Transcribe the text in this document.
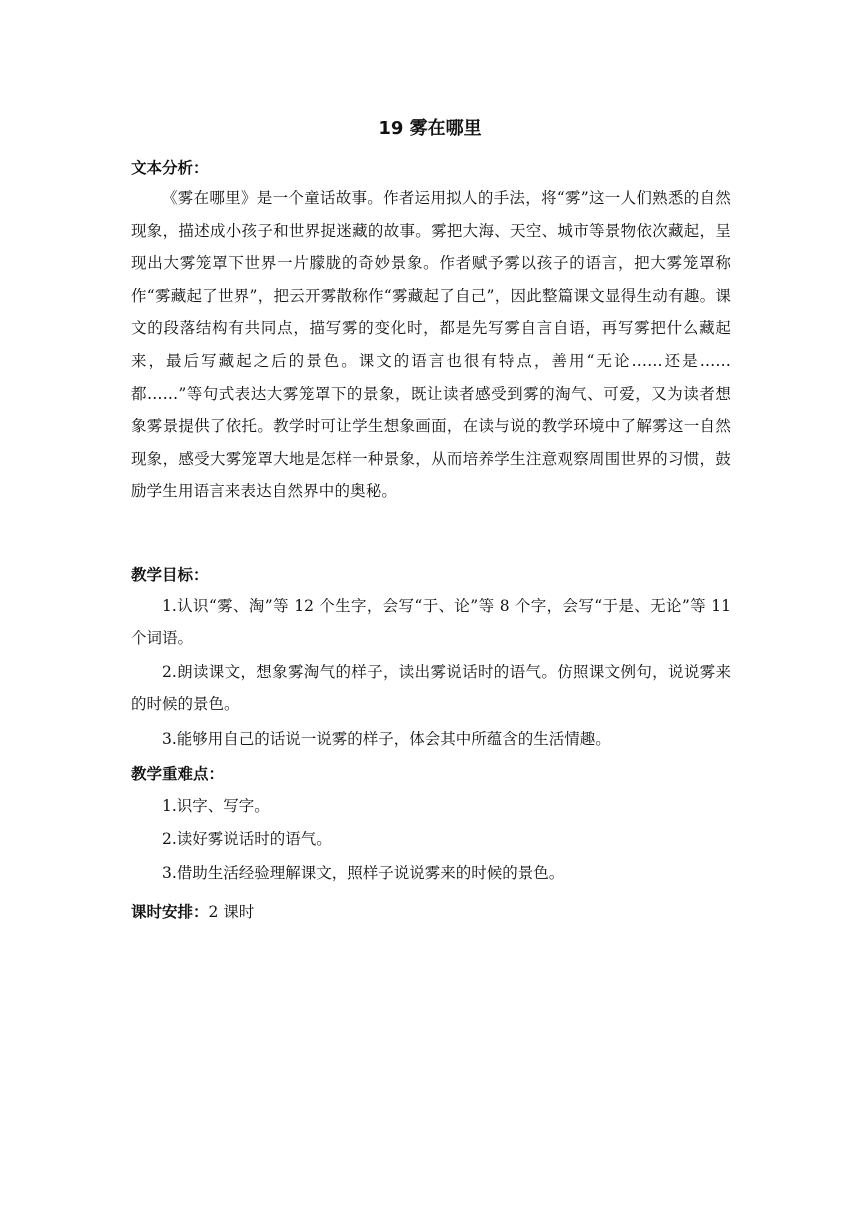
19 雾在哪里
文本分析：
《雾在哪里》是一个童话故事。作者运用拟人的手法，将“雾”这一人们熟悉的自然现象，描述成小孩子和世界捉迷藏的故事。雾把大海、天空、城市等景物依次藏起，呈现出大雾笼罩下世界一片朦胧的奇妙景象。作者赋予雾以孩子的语言，把大雾笼罩称作“雾藏起了世界”，把云开雾散称作“雾藏起了自己”，因此整篇课文显得生动有趣。课文的段落结构有共同点，描写雾的变化时，都是先写雾自言自语，再写雾把什么藏起来，最后写藏起之后的景色。课文的语言也很有特点，善用“无论……还是……都……”等句式表达大雾笼罩下的景象，既让读者感受到雾的淘气、可爱，又为读者想象雾景提供了依托。教学时可让学生想象画面，在读与说的教学环境中了解雾这一自然现象，感受大雾笼罩大地是怎样一种景象，从而培养学生注意观察周围世界的习惯，鼓励学生用语言来表达自然界中的奥秘。
教学目标：
1.认识“雾、淘”等 12 个生字，会写“于、论”等 8 个字，会写“于是、无论”等 11 个词语。
2.朗读课文，想象雾淘气的样子，读出雾说话时的语气。仿照课文例句，说说雾来的时候的景色。
3.能够用自己的话说一说雾的样子，体会其中所蕴含的生活情趣。
教学重难点：
1.识字、写字。
2.读好雾说话时的语气。
3.借助生活经验理解课文，照样子说说雾来的时候的景色。
课时安排：2 课时
